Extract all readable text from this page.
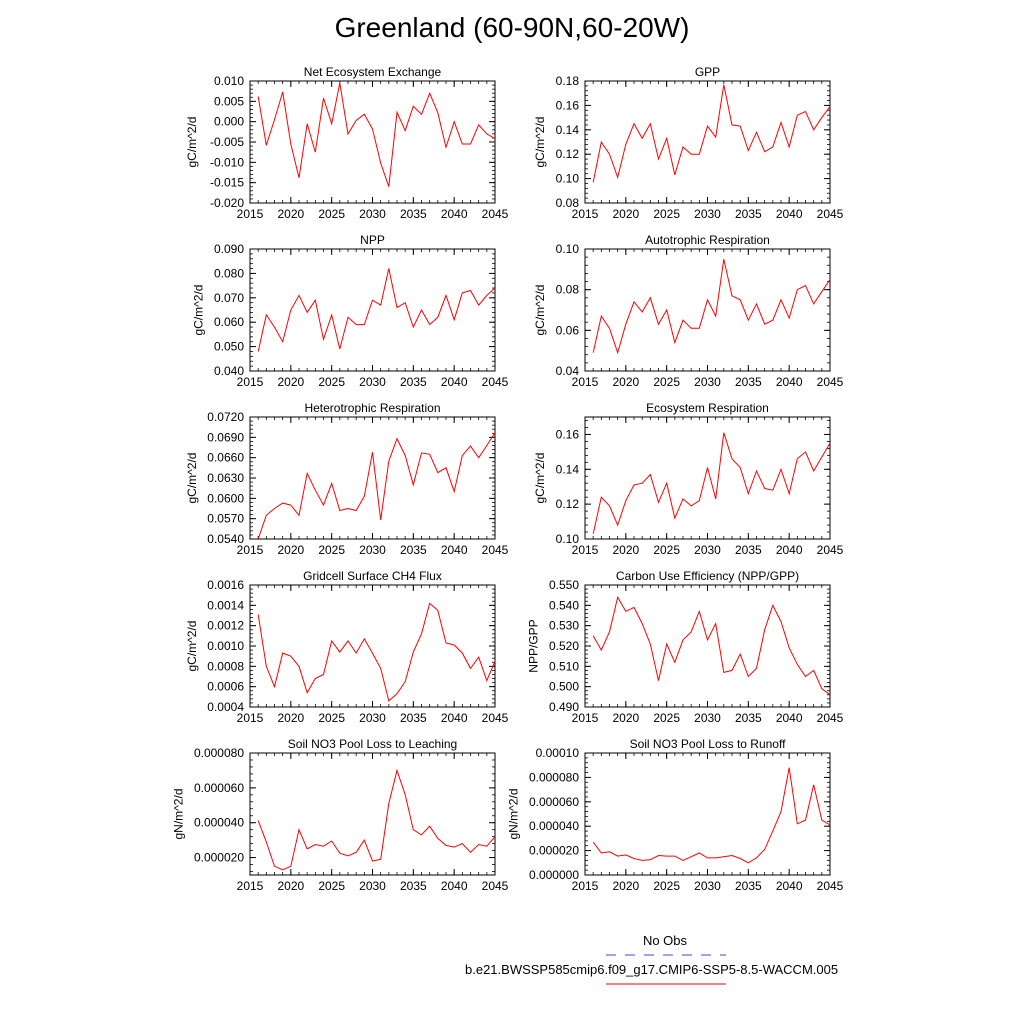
Greenland (60-90N,60-20W)
2015 2020 2025 2030 2035 2040 2045
-0.020
-0.015
-0.010
-0.005
0.000
0.005
0.010
Net Ecosystem Exchange
gC/m^2/d
2015 2020 2025 2030 2035 2040 2045
0.08
0.10
0.12
0.14
0.16
0.18
GPP
gC/m^2/d
2015 2020 2025 2030 2035 2040 2045
0.040
0.050
0.060
0.070
0.080
0.090
NPP
gC/m^2/d
2015 2020 2025 2030 2035 2040 2045
0.04
0.06
0.08
0.10
Autotrophic Respiration
gC/m^2/d
2015 2020 2025 2030 2035 2040 2045
0.0540
0.0570
0.0600
0.0630
0.0660
0.0690
0.0720
Heterotrophic Respiration
gC/m^2/d
2015 2020 2025 2030 2035 2040 2045
0.10
0.12
0.14
0.16
Ecosystem Respiration
gC/m^2/d
2015 2020 2025 2030 2035 2040 2045
0.0004
0.0006
0.0008
0.0010
0.0012
0.0014
0.0016
Gridcell Surface CH4 Flux
gC/m^2/d
2015 2020 2025 2030 2035 2040 2045
0.490
0.500
0.510
0.520
0.530
0.540
0.550
Carbon Use Efficiency (NPP/GPP)
NPP/GPP
2015 2020 2025 2030 2035 2040 2045
0.000020
0.000040
0.000060
0.000080
Soil NO3 Pool Loss to Leaching
gN/m^2/d
2015 2020 2025 2030 2035 2040 2045
0.000000
0.000020
0.000040
0.000060
0.000080
0.00010
Soil NO3 Pool Loss to Runoff
gN/m^2/d
No Obs
b.e21.BWSSP585cmip6.f09_g17.CMIP6-SSP5-8.5-WACCM.005
